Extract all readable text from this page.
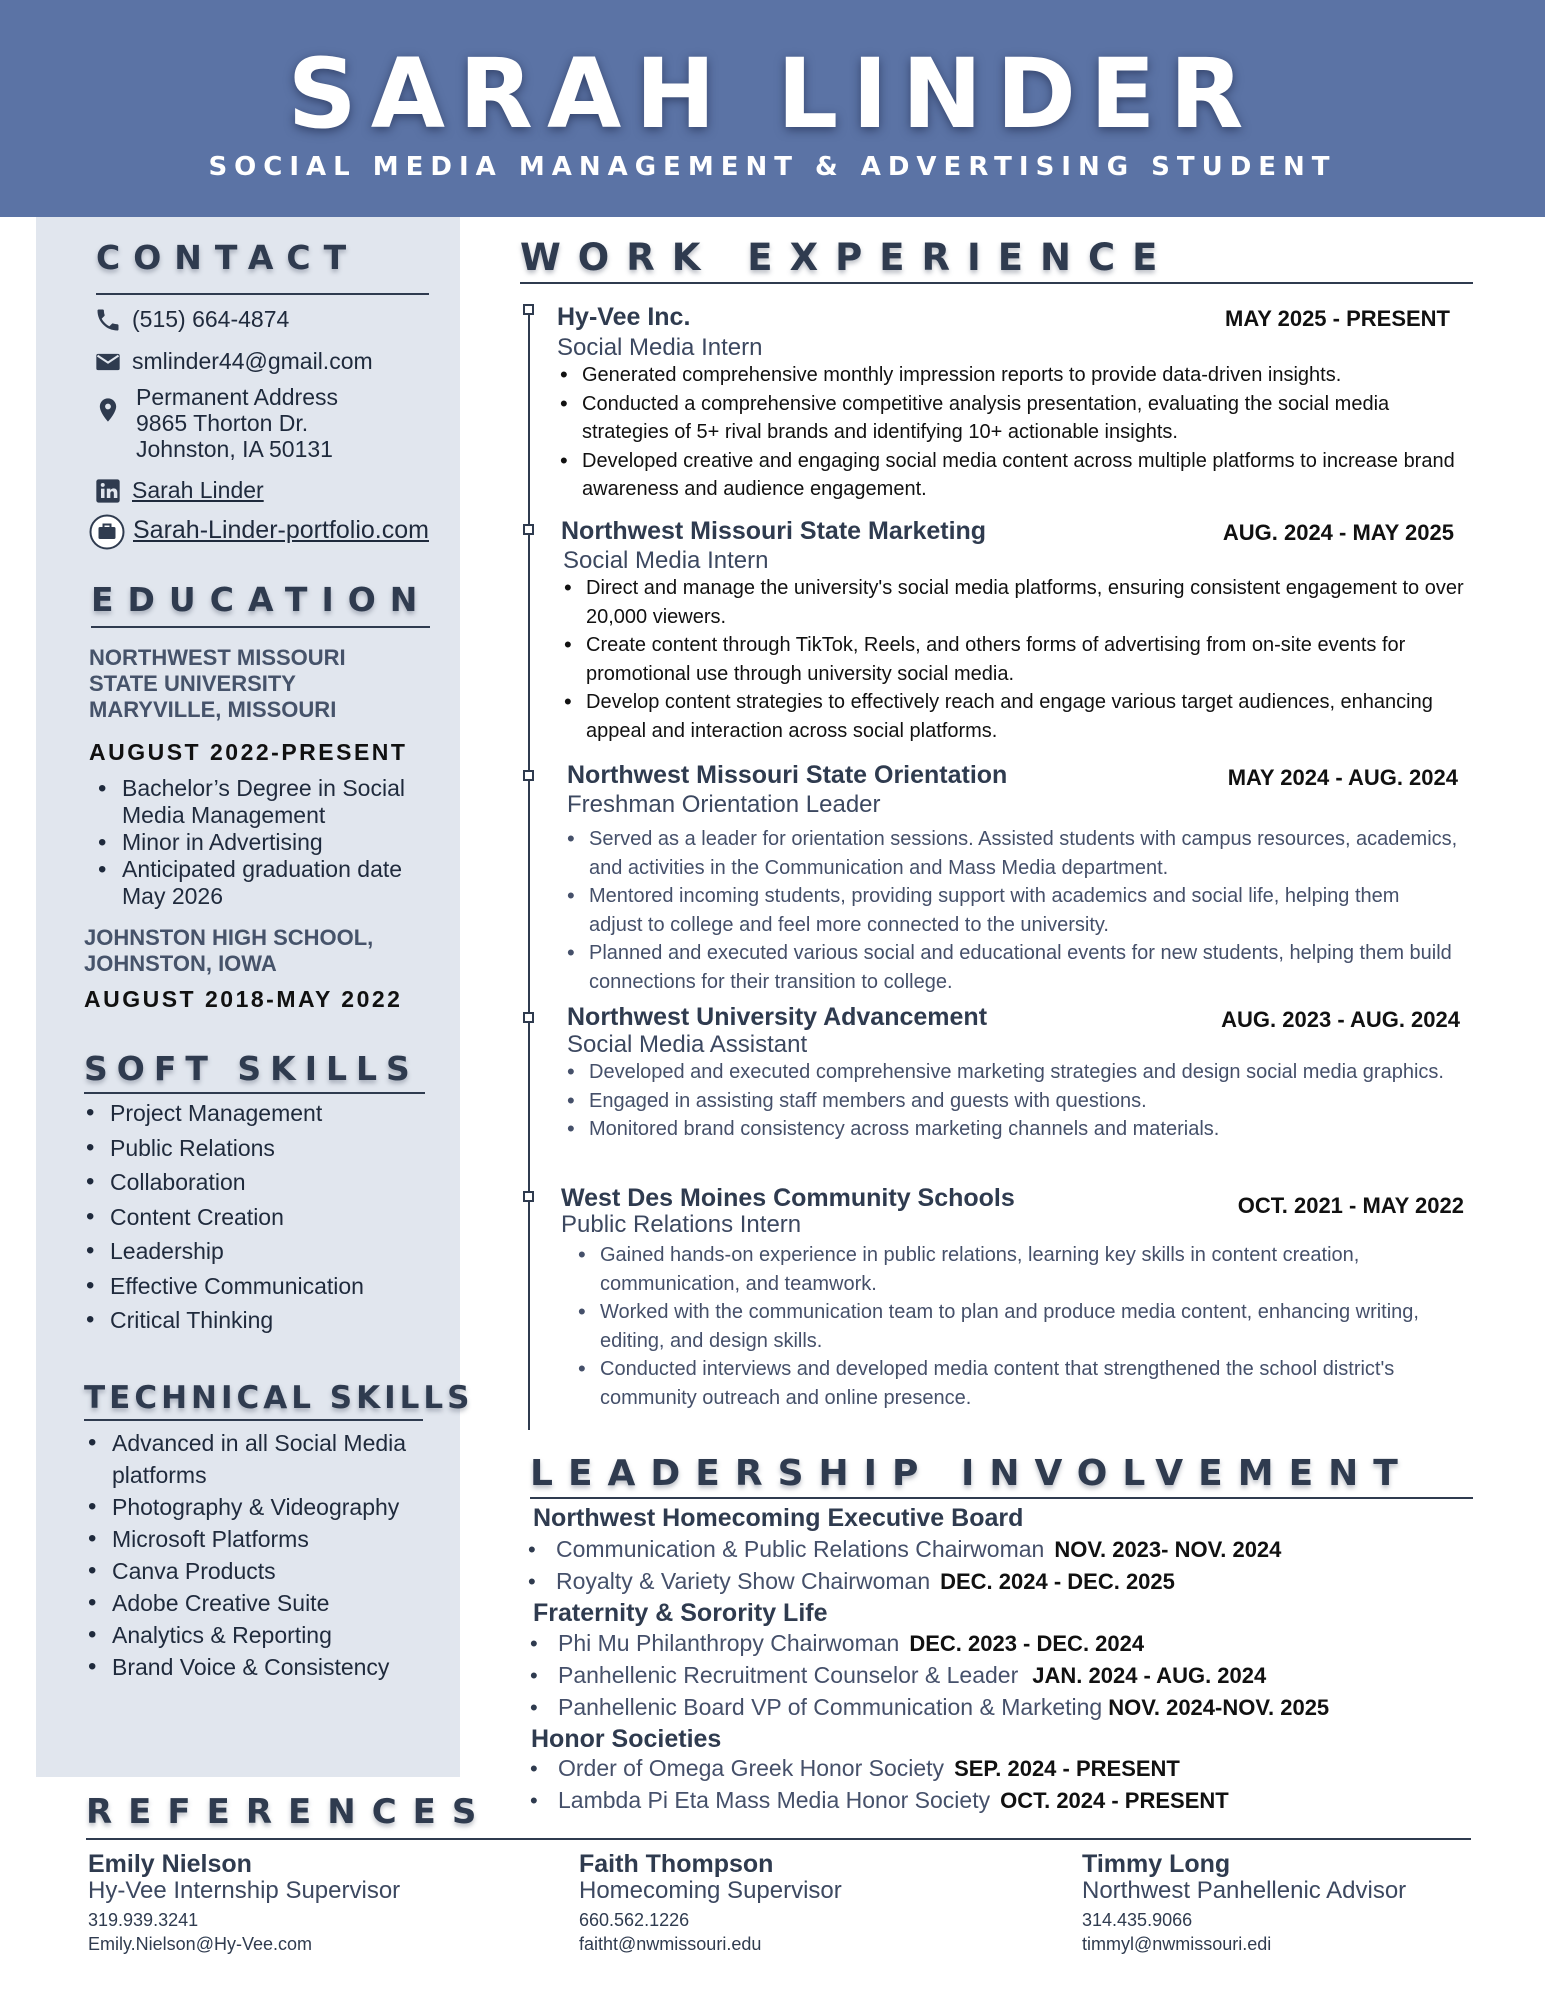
SARAH LINDER
SOCIAL MEDIA MANAGEMENT & ADVERTISING STUDENT
CONTACT
(515) 664-4874
smlinder44@gmail.com
Permanent Address
9865 Thorton Dr.
Johnston, IA 50131
Sarah Linder
Sarah-Linder-portfolio.com
EDUCATION
NORTHWEST MISSOURI
STATE UNIVERSITY
MARYVILLE, MISSOURI
AUGUST 2022-PRESENT
• Bachelor’s Degree in Social Media Management
• Minor in Advertising
• Anticipated graduation date May 2026
JOHNSTON HIGH SCHOOL,
JOHNSTON, IOWA
AUGUST 2018-MAY 2022
SOFT SKILLS
• Project Management
• Public Relations
• Collaboration
• Content Creation
• Leadership
• Effective Communication
• Critical Thinking
TECHNICAL SKILLS
• Advanced in all Social Media platforms
• Photography & Videography
• Microsoft Platforms
• Canva Products
• Adobe Creative Suite
• Analytics & Reporting
• Brand Voice & Consistency
WORK EXPERIENCE
Hy-Vee Inc.	MAY 2025 - PRESENT
Social Media Intern
• Generated comprehensive monthly impression reports to provide data-driven insights.
• Conducted a comprehensive competitive analysis presentation, evaluating the social media strategies of 5+ rival brands and identifying 10+ actionable insights.
• Developed creative and engaging social media content across multiple platforms to increase brand awareness and audience engagement.
Northwest Missouri State Marketing	AUG. 2024 - MAY 2025
Social Media Intern
• Direct and manage the university's social media platforms, ensuring consistent engagement to over 20,000 viewers.
• Create content through TikTok, Reels, and others forms of advertising from on-site events for promotional use through university social media.
• Develop content strategies to effectively reach and engage various target audiences, enhancing appeal and interaction across social platforms.
Northwest Missouri State Orientation	MAY 2024 - AUG. 2024
Freshman Orientation Leader
• Served as a leader for orientation sessions. Assisted students with campus resources, academics, and activities in the Communication and Mass Media department.
• Mentored incoming students, providing support with academics and social life, helping them adjust to college and feel more connected to the university.
• Planned and executed various social and educational events for new students, helping them build connections for their transition to college.
Northwest University Advancement	AUG. 2023 - AUG. 2024
Social Media Assistant
• Developed and executed comprehensive marketing strategies and design social media graphics.
• Engaged in assisting staff members and guests with questions.
• Monitored brand consistency across marketing channels and materials.
West Des Moines Community Schools	OCT. 2021 - MAY 2022
Public Relations Intern
• Gained hands-on experience in public relations, learning key skills in content creation, communication, and teamwork.
• Worked with the communication team to plan and produce media content, enhancing writing, editing, and design skills.
• Conducted interviews and developed media content that strengthened the school district's community outreach and online presence.
LEADERSHIP INVOLVEMENT
Northwest Homecoming Executive Board
• Communication & Public Relations Chairwoman NOV. 2023- NOV. 2024
• Royalty & Variety Show Chairwoman DEC. 2024 - DEC. 2025
Fraternity & Sorority Life
• Phi Mu Philanthropy Chairwoman DEC. 2023 - DEC. 2024
• Panhellenic Recruitment Counselor & Leader JAN. 2024 - AUG. 2024
• Panhellenic Board VP of Communication & Marketing NOV. 2024-NOV. 2025
Honor Societies
• Order of Omega Greek Honor Society SEP. 2024 - PRESENT
• Lambda Pi Eta Mass Media Honor Society OCT. 2024 - PRESENT
REFERENCES
Emily Nielson
Hy-Vee Internship Supervisor
319.939.3241
Emily.Nielson@Hy-Vee.com
Faith Thompson
Homecoming Supervisor
660.562.1226
faitht@nwmissouri.edu
Timmy Long
Northwest Panhellenic Advisor
314.435.9066
timmyl@nwmissouri.edi
